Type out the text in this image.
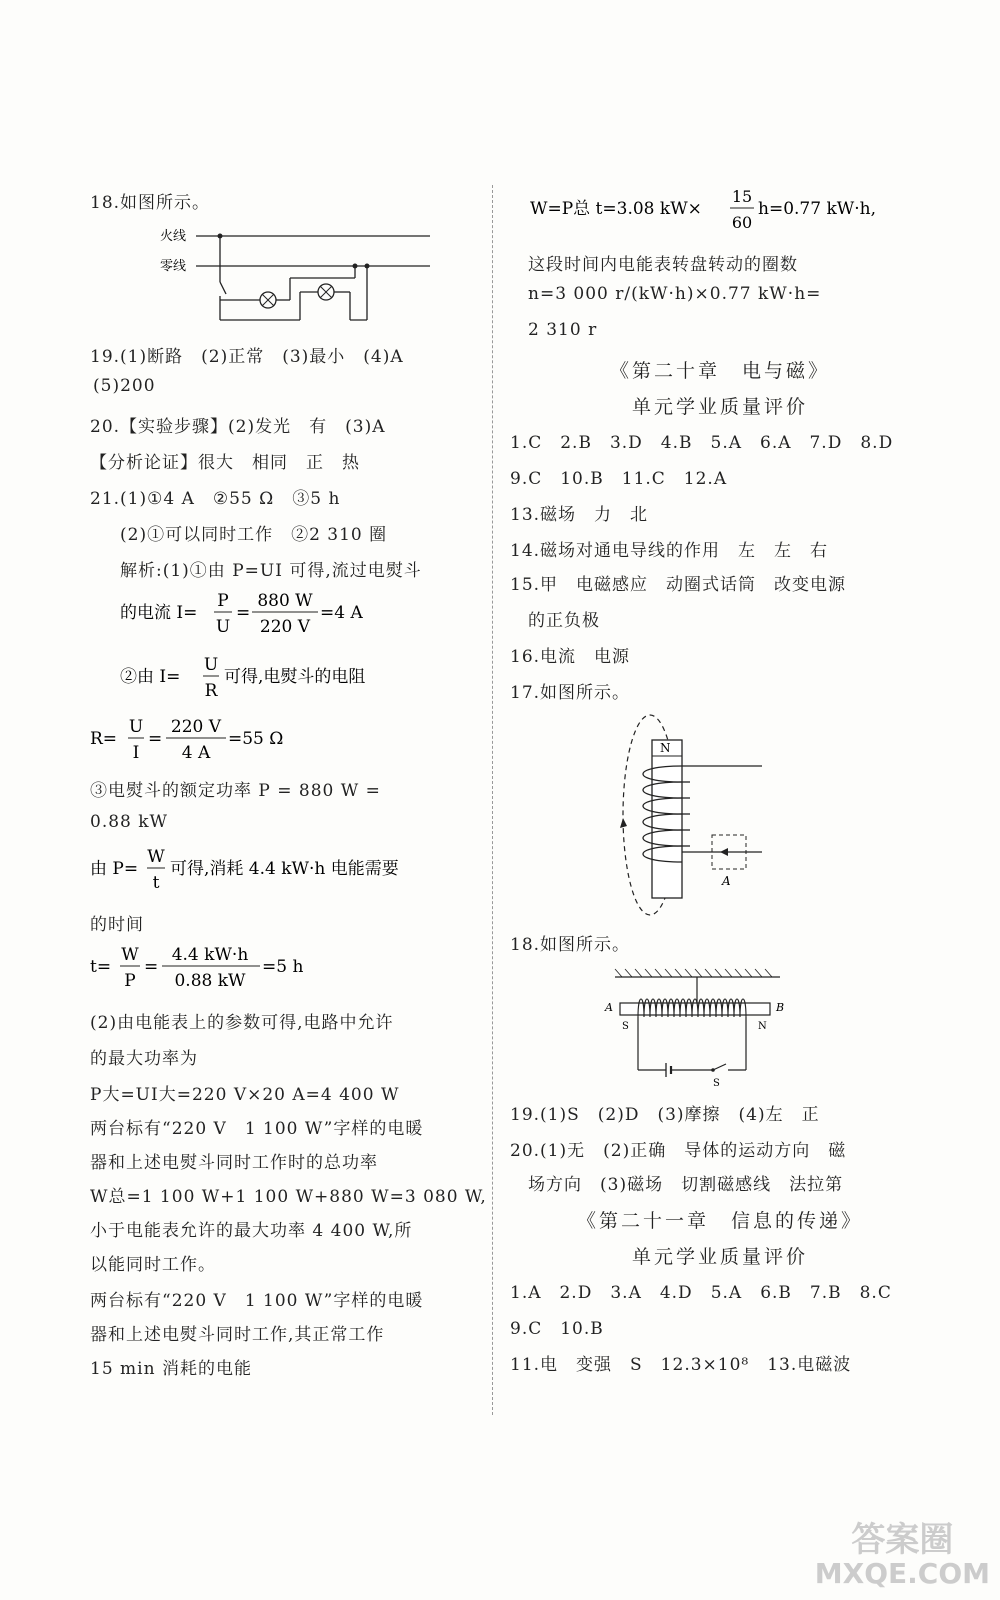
18.如图所示。
火线
零线
19.(1)断路　(2)正常　(3)最小　(4)A
(5)200
20.【实验步骤】(2)发光　有　(3)A
【分析论证】很大　相同　正　热
21.(1)①4 A　②55 Ω　③5 h
(2)①可以同时工作　②2 310 圈
解析:(1)①由 P=UI 可得,流过电熨斗
的电流 I=
P
U
=
880 W
220 V
=4 A
②由 I=
U
R
可得,电熨斗的电阻
R=
U
I
=
220 V
4 A
=55 Ω
③电熨斗的额定功率 P = 880 W =
0.88 kW
由 P=
W
t
可得,消耗 4.4 kW·h 电能需要
的时间
t=
W
P
=
4.4 kW·h
0.88 kW
=5 h
(2)由电能表上的参数可得,电路中允许
的最大功率为
P大=UI大=220 V×20 A=4 400 W
两台标有“220 V　1 100 W”字样的电暖
器和上述电熨斗同时工作时的总功率
W总=1 100 W+1 100 W+880 W=3 080 W,
小于电能表允许的最大功率 4 400 W,所
以能同时工作。
两台标有“220 V　1 100 W”字样的电暖
器和上述电熨斗同时工作,其正常工作
15 min 消耗的电能
W=P总 t=3.08 kW×
15
60
h=0.77 kW·h,
这段时间内电能表转盘转动的圈数
n=3 000 r/(kW·h)×0.77 kW·h=
2 310 r
《第二十章　电与磁》
单元学业质量评价
1.C　2.B　3.D　4.B　5.A　6.A　7.D　8.D
9.C　10.B　11.C　12.A
13.磁场　力　北
14.磁场对通电导线的作用　左　左　右
15.甲　电磁感应　动圈式话筒　改变电源
的正负极
16.电流　电源
17.如图所示。
N
A
18.如图所示。
A	B
S	N
S
19.(1)S　(2)D　(3)摩擦　(4)左　正
20.(1)无　(2)正确　导体的运动方向　磁
场方向　(3)磁场　切割磁感线　法拉第
《第二十一章　信息的传递》
单元学业质量评价
1.A　2.D　3.A　4.D　5.A　6.B　7.B　8.C
9.C　10.B
11.电　变强　S　12.3×10⁸　13.电磁波
答案圈
MXQE.COM
